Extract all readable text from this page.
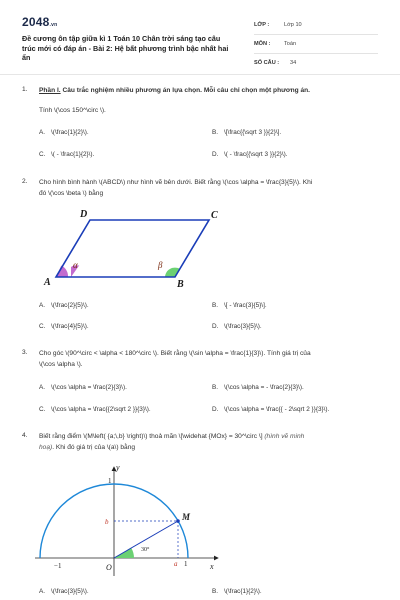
2048.vn
Đề cương ôn tập giữa kì 1 Toán 10 Chân trời sáng tạo câu trúc mới có đáp án - Bài 2: Hệ bất phương trình bậc nhất hai ẩn
LỚP :	Lớp 10
MÔN :	Toán
SỐ CÂU :	34
1.	Phần I. Câu trắc nghiệm nhiều phương án lựa chọn. Mỗi câu chỉ chọn một phương án.
Tính \(\cos 150^\circ \).
A. \(\frac{1}{2}\).	B. \[\frac{{\sqrt 3 }}{2}\].
C. \( - \frac{1}{2}\).	D. \( - \frac{{\sqrt 3 }}{2}\).
2.	Cho hình bình hành \(ABCD\) như hình vẽ bên dưới. Biết rằng \(\cos \alpha = \frac{3}{5}\). Khi
đó \(\cos \beta \) bằng
A	B
C
D
α	β
A. \(\frac{2}{5}\).	B. \[ - \frac{3}{5}\].
C. \(\frac{4}{5}\).	D. \(\frac{3}{5}\).
3.	Cho góc \(90^\circ < \alpha < 180^\circ \). Biết rằng \(\sin \alpha = \frac{1}{3}\). Tính giá trị của
\(\cos \alpha \).
A. \(\cos \alpha = \frac{2}{3}\).	B. \(\cos \alpha = - \frac{2}{3}\).
C. \(\cos \alpha = \frac{{2\sqrt 2 }}{3}\).	D. \(\cos \alpha = \frac{{ - 2\sqrt 2 }}{3}\).
4.	Biết rằng điểm \(M\left( {a;\,b} \right)\) thoả mãn \[\widehat {MOx} = 30^\circ \] (hình vẽ minh
hoạ). Khi đó giá trị của \(a\) bằng
y
x
1
−1	O
M
b
a 1
30°
A. \(\frac{3}{5}\).	B. \(\frac{1}{2}\).
